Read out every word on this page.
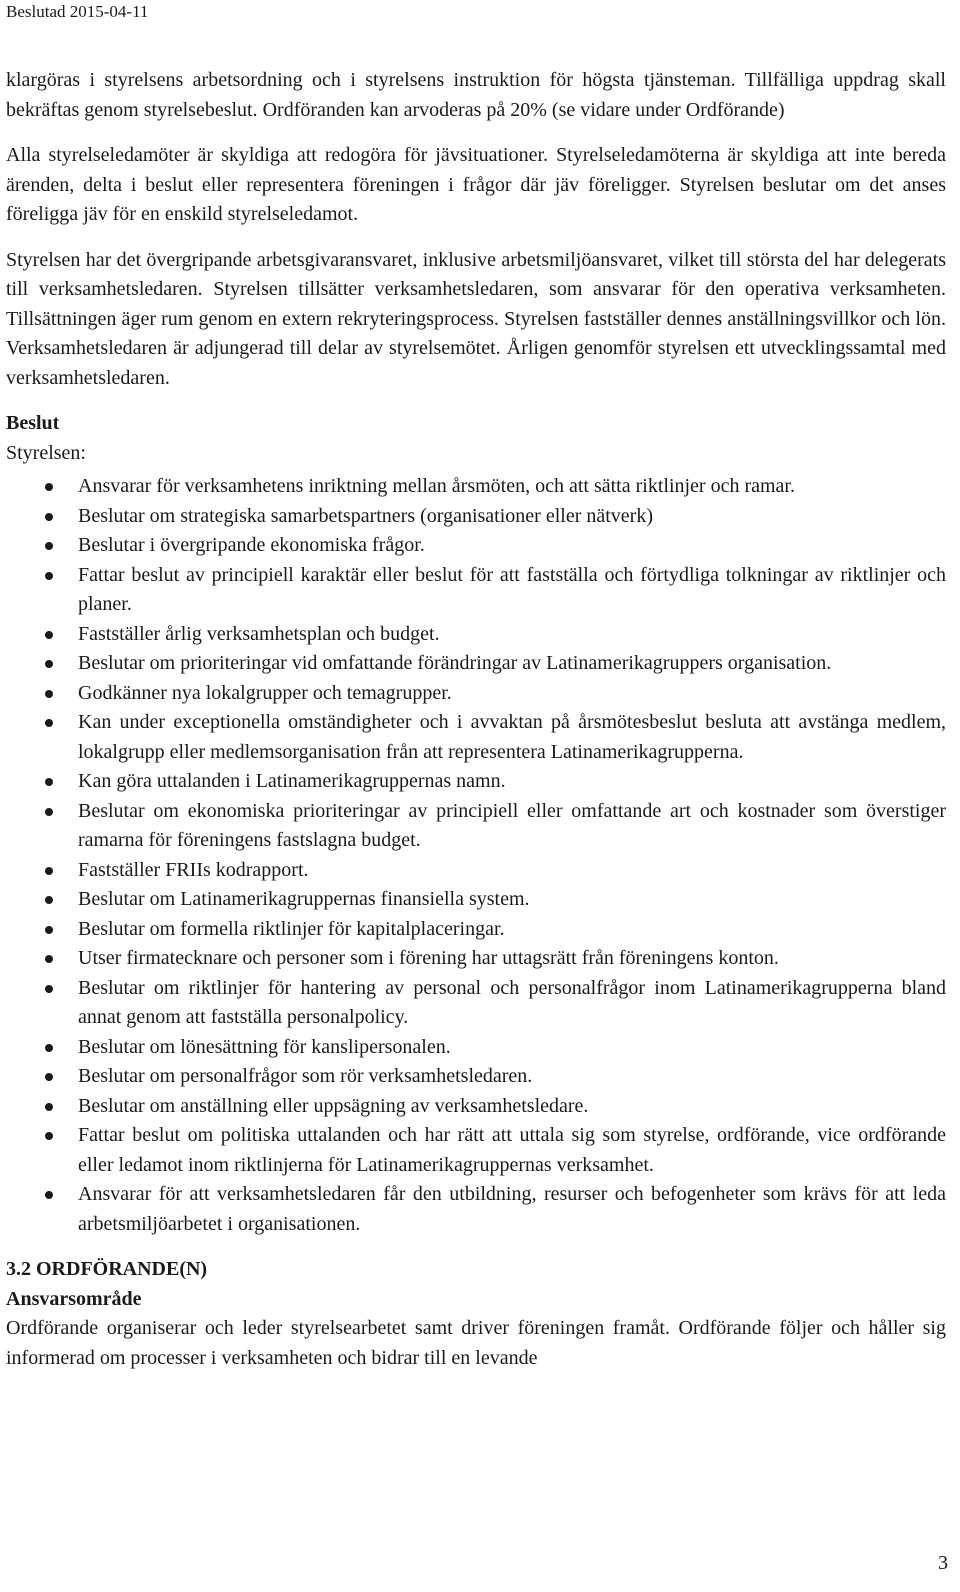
Beslutad 2015-04-11

klargöras i styrelsens arbetsordning och i styrelsens instruktion för högsta tjänsteman. Tillfälliga uppdrag skall bekräftas genom styrelsebeslut. Ordföranden kan arvoderas på 20% (se vidare under Ordförande)

Alla styrelseledamöter är skyldiga att redogöra för jävsituationer. Styrelseledamöterna är skyldiga att inte bereda ärenden, delta i beslut eller representera föreningen i frågor där jäv föreligger. Styrelsen beslutar om det anses föreligga jäv för en enskild styrelseledamot.

Styrelsen har det övergripande arbetsgivaransvaret, inklusive arbetsmiljöansvaret, vilket till största del har delegerats till verksamhetsledaren. Styrelsen tillsätter verksamhetsledaren, som ansvarar för den operativa verksamheten. Tillsättningen äger rum genom en extern rekryteringsprocess. Styrelsen fastställer dennes anställningsvillkor och lön. Verksamhetsledaren är adjungerad till delar av styrelsemötet. Årligen genomför styrelsen ett utvecklingssamtal med verksamhetsledaren.

Beslut

Styrelsen:

Ansvarar för verksamhetens inriktning mellan årsmöten, och att sätta riktlinjer och ramar.
Beslutar om strategiska samarbetspartners (organisationer eller nätverk)
Beslutar i övergripande ekonomiska frågor.
Fattar beslut av principiell karaktär eller beslut för att fastställa och förtydliga tolkningar av riktlinjer och planer.
Fastställer årlig verksamhetsplan och budget.
Beslutar om prioriteringar vid omfattande förändringar av Latinamerikagruppers organisation.
Godkänner nya lokalgrupper och temagrupper.
Kan under exceptionella omständigheter och i avvaktan på årsmötesbeslut besluta att avstänga medlem, lokalgrupp eller medlemsorganisation från att representera Latinamerikagrupperna.
Kan göra uttalanden i Latinamerikagruppernas namn.
Beslutar om ekonomiska prioriteringar av principiell eller omfattande art och kostnader som överstiger ramarna för föreningens fastslagna budget.
Fastställer FRIIs kodrapport.
Beslutar om Latinamerikagruppernas finansiella system.
Beslutar om formella riktlinjer för kapitalplaceringar.
Utser firmatecknare och personer som i förening har uttagsrätt från föreningens konton.
Beslutar om riktlinjer för hantering av personal och personalfrågor inom Latinamerikagrupperna bland annat genom att fastställa personalpolicy.
Beslutar om lönesättning för kanslipersonalen.
Beslutar om personalfrågor som rör verksamhetsledaren.
Beslutar om anställning eller uppsägning av verksamhetsledare.
Fattar beslut om politiska uttalanden och har rätt att uttala sig som styrelse, ordförande, vice ordförande eller ledamot inom riktlinjerna för Latinamerikagruppernas verksamhet.
Ansvarar för att verksamhetsledaren får den utbildning, resurser och befogenheter som krävs för att leda arbetsmiljöarbetet i organisationen.

3.2 ORDFÖRANDE(N)

Ansvarsområde

Ordförande organiserar och leder styrelsearbetet samt driver föreningen framåt. Ordförande följer och håller sig informerad om processer i verksamheten och bidrar till en levande

3
